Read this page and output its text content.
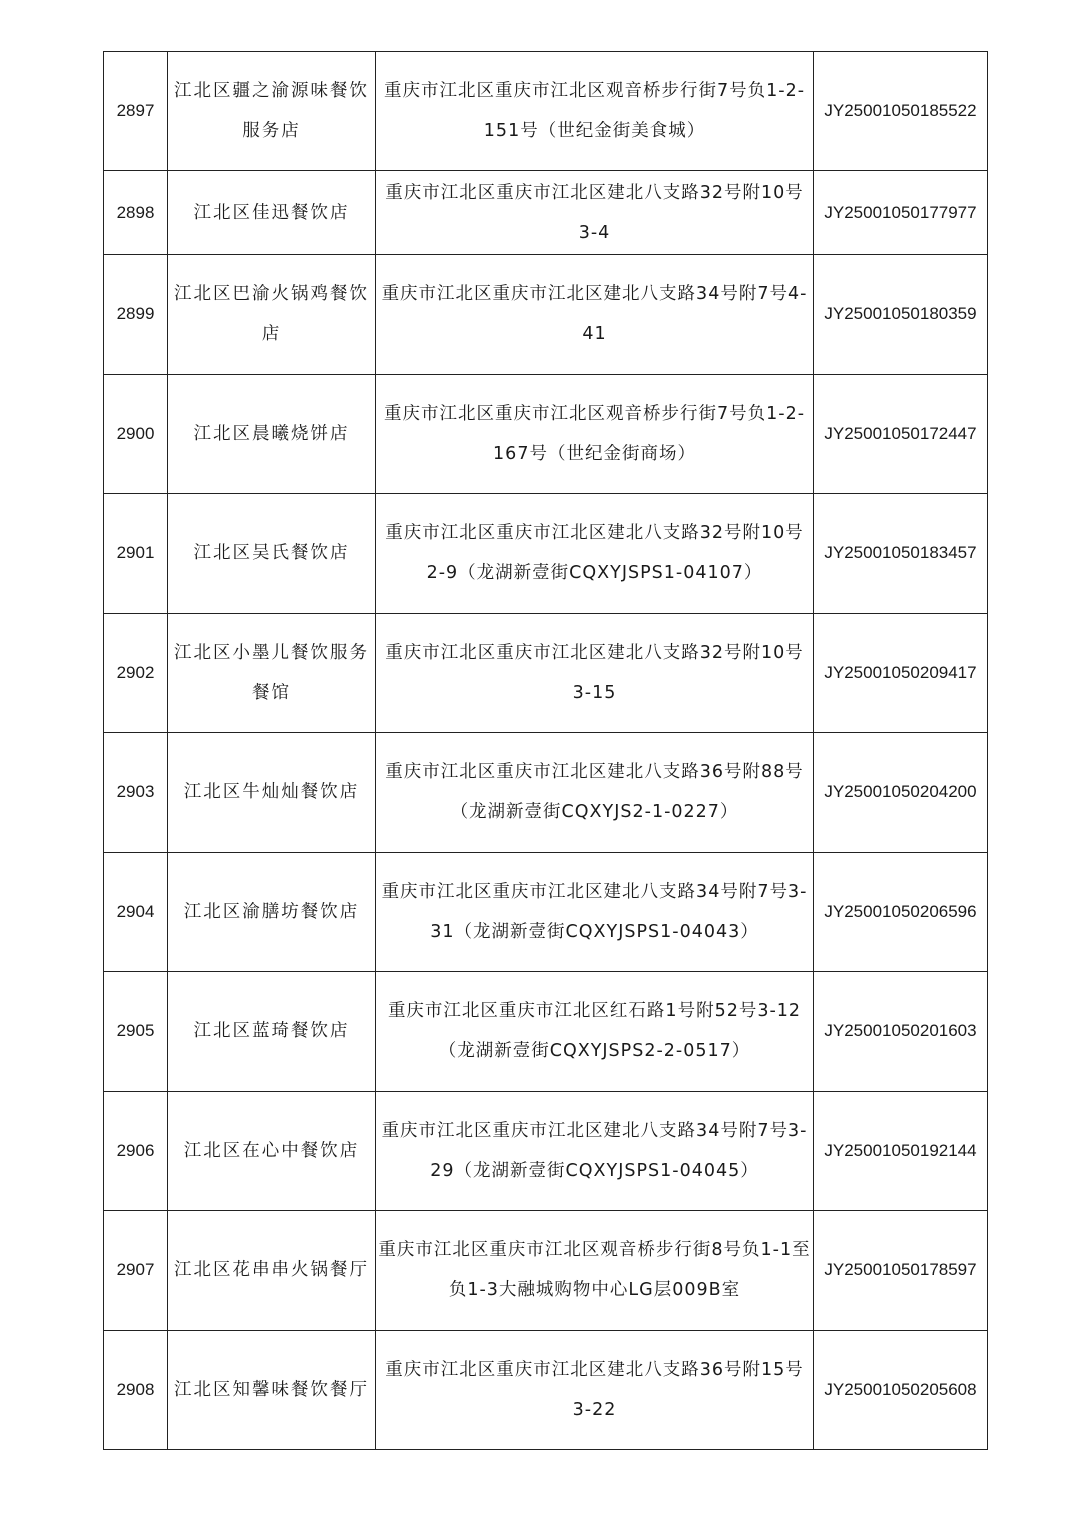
2897	江北区疆之渝源味餐饮服务店	重庆市江北区重庆市江北区观音桥步行街7号负1-2-151号（世纪金街美食城）	JY25001050185522
2898	江北区佳迅餐饮店	重庆市江北区重庆市江北区建北八支路32号附10号3-4	JY25001050177977
2899	江北区巴渝火锅鸡餐饮店	重庆市江北区重庆市江北区建北八支路34号附7号4-41	JY25001050180359
2900	江北区晨曦烧饼店	重庆市江北区重庆市江北区观音桥步行街7号负1-2-167号（世纪金街商场）	JY25001050172447
2901	江北区吴氏餐饮店	重庆市江北区重庆市江北区建北八支路32号附10号2-9（龙湖新壹街CQXYJSPS1-04107）	JY25001050183457
2902	江北区小墨儿餐饮服务餐馆	重庆市江北区重庆市江北区建北八支路32号附10号3-15	JY25001050209417
2903	江北区牛灿灿餐饮店	重庆市江北区重庆市江北区建北八支路36号附88号（龙湖新壹街CQXYJS2-1-0227）	JY25001050204200
2904	江北区渝膳坊餐饮店	重庆市江北区重庆市江北区建北八支路34号附7号3-31（龙湖新壹街CQXYJSPS1-04043）	JY25001050206596
2905	江北区蓝琦餐饮店	重庆市江北区重庆市江北区红石路1号附52号3-12（龙湖新壹街CQXYJSPS2-2-0517）	JY25001050201603
2906	江北区在心中餐饮店	重庆市江北区重庆市江北区建北八支路34号附7号3-29（龙湖新壹街CQXYJSPS1-04045）	JY25001050192144
2907	江北区花串串火锅餐厅	重庆市江北区重庆市江北区观音桥步行街8号负1-1至负1-3大融城购物中心LG层009B室	JY25001050178597
2908	江北区知馨味餐饮餐厅	重庆市江北区重庆市江北区建北八支路36号附15号3-22	JY25001050205608
